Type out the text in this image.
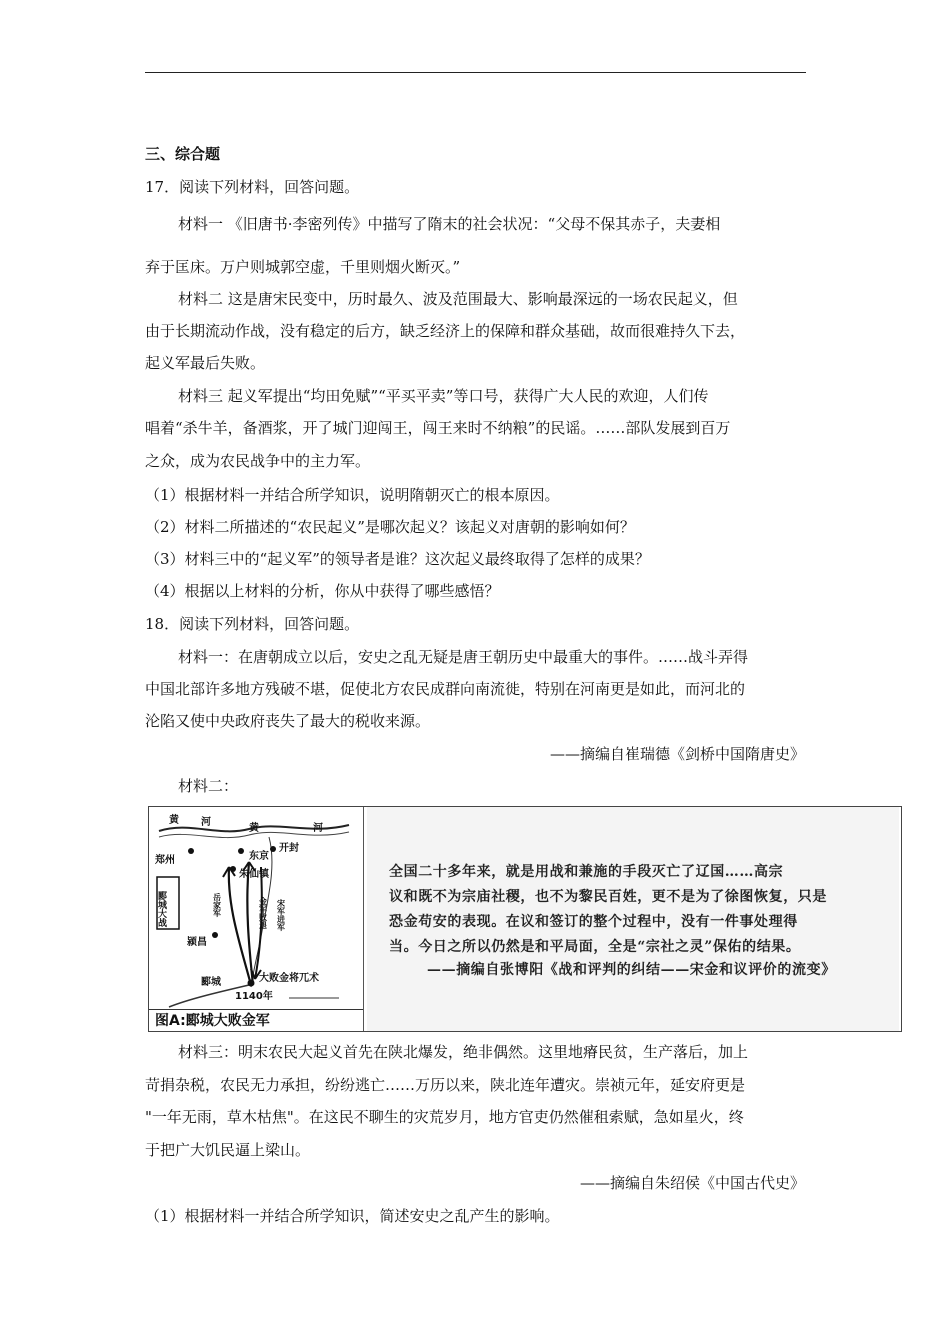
三、综合题
17．阅读下列材料，回答问题。
材料一 《旧唐书·李密列传》中描写了隋末的社会状况：“父母不保其赤子，夫妻相
弃于匡床。万户则城郭空虚，千里则烟火断灭。”
材料二 这是唐宋民变中，历时最久、波及范围最大、影响最深远的一场农民起义，但
由于长期流动作战，没有稳定的后方，缺乏经济上的保障和群众基础，故而很难持久下去，
起义军最后失败。
材料三 起义军提出“均田免赋”“平买平卖”等口号，获得广大人民的欢迎，人们传
唱着“杀牛羊，备酒浆，开了城门迎闯王，闯王来时不纳粮”的民谣。……部队发展到百万
之众，成为农民战争中的主力军。
（1）根据材料一并结合所学知识，说明隋朝灭亡的根本原因。
（2）材料二所描述的“农民起义”是哪次起义？该起义对唐朝的影响如何？
（3）材料三中的“起义军”的领导者是谁？这次起义最终取得了怎样的成果？
（4）根据以上材料的分析，你从中获得了哪些感悟？
18．阅读下列材料，回答问题。
材料一：在唐朝成立以后，安史之乱无疑是唐王朝历史中最重大的事件。……战斗弄得
中国北部许多地方残破不堪，促使北方农民成群向南流徙，特别在河南更是如此，而河北的
沦陷又使中央政府丧失了最大的税收来源。
——摘编自崔瑞德《剑桥中国隋唐史》
材料二：
黄 河
黄	河
郑州	东京
开封
朱仙镇
郾城大战	岳家军	金军败退 宋军进军
颍昌
郾城	大败金将兀术
1140年
图A:郾城大败金军
全国二十多年来，就是用战和兼施的手段灭亡了辽国……高宗
议和既不为宗庙社稷，也不为黎民百姓，更不是为了徐图恢复，只是
恐金苟安的表现。在议和签订的整个过程中，没有一件事处理得
当。今日之所以仍然是和平局面，全是“宗社之灵”保佑的结果。
——摘编自张博阳《战和评判的纠结——宋金和议评价的流变》
材料三：明末农民大起义首先在陕北爆发，绝非偶然。这里地瘠民贫，生产落后，加上
苛捐杂税，农民无力承担，纷纷逃亡……万历以来，陕北连年遭灾。崇祯元年，延安府更是
"一年无雨，草木枯焦"。在这民不聊生的灾荒岁月，地方官吏仍然催租索赋，急如星火，终
于把广大饥民逼上梁山。
——摘编自朱绍侯《中国古代史》
（1）根据材料一并结合所学知识，简述安史之乱产生的影响。
